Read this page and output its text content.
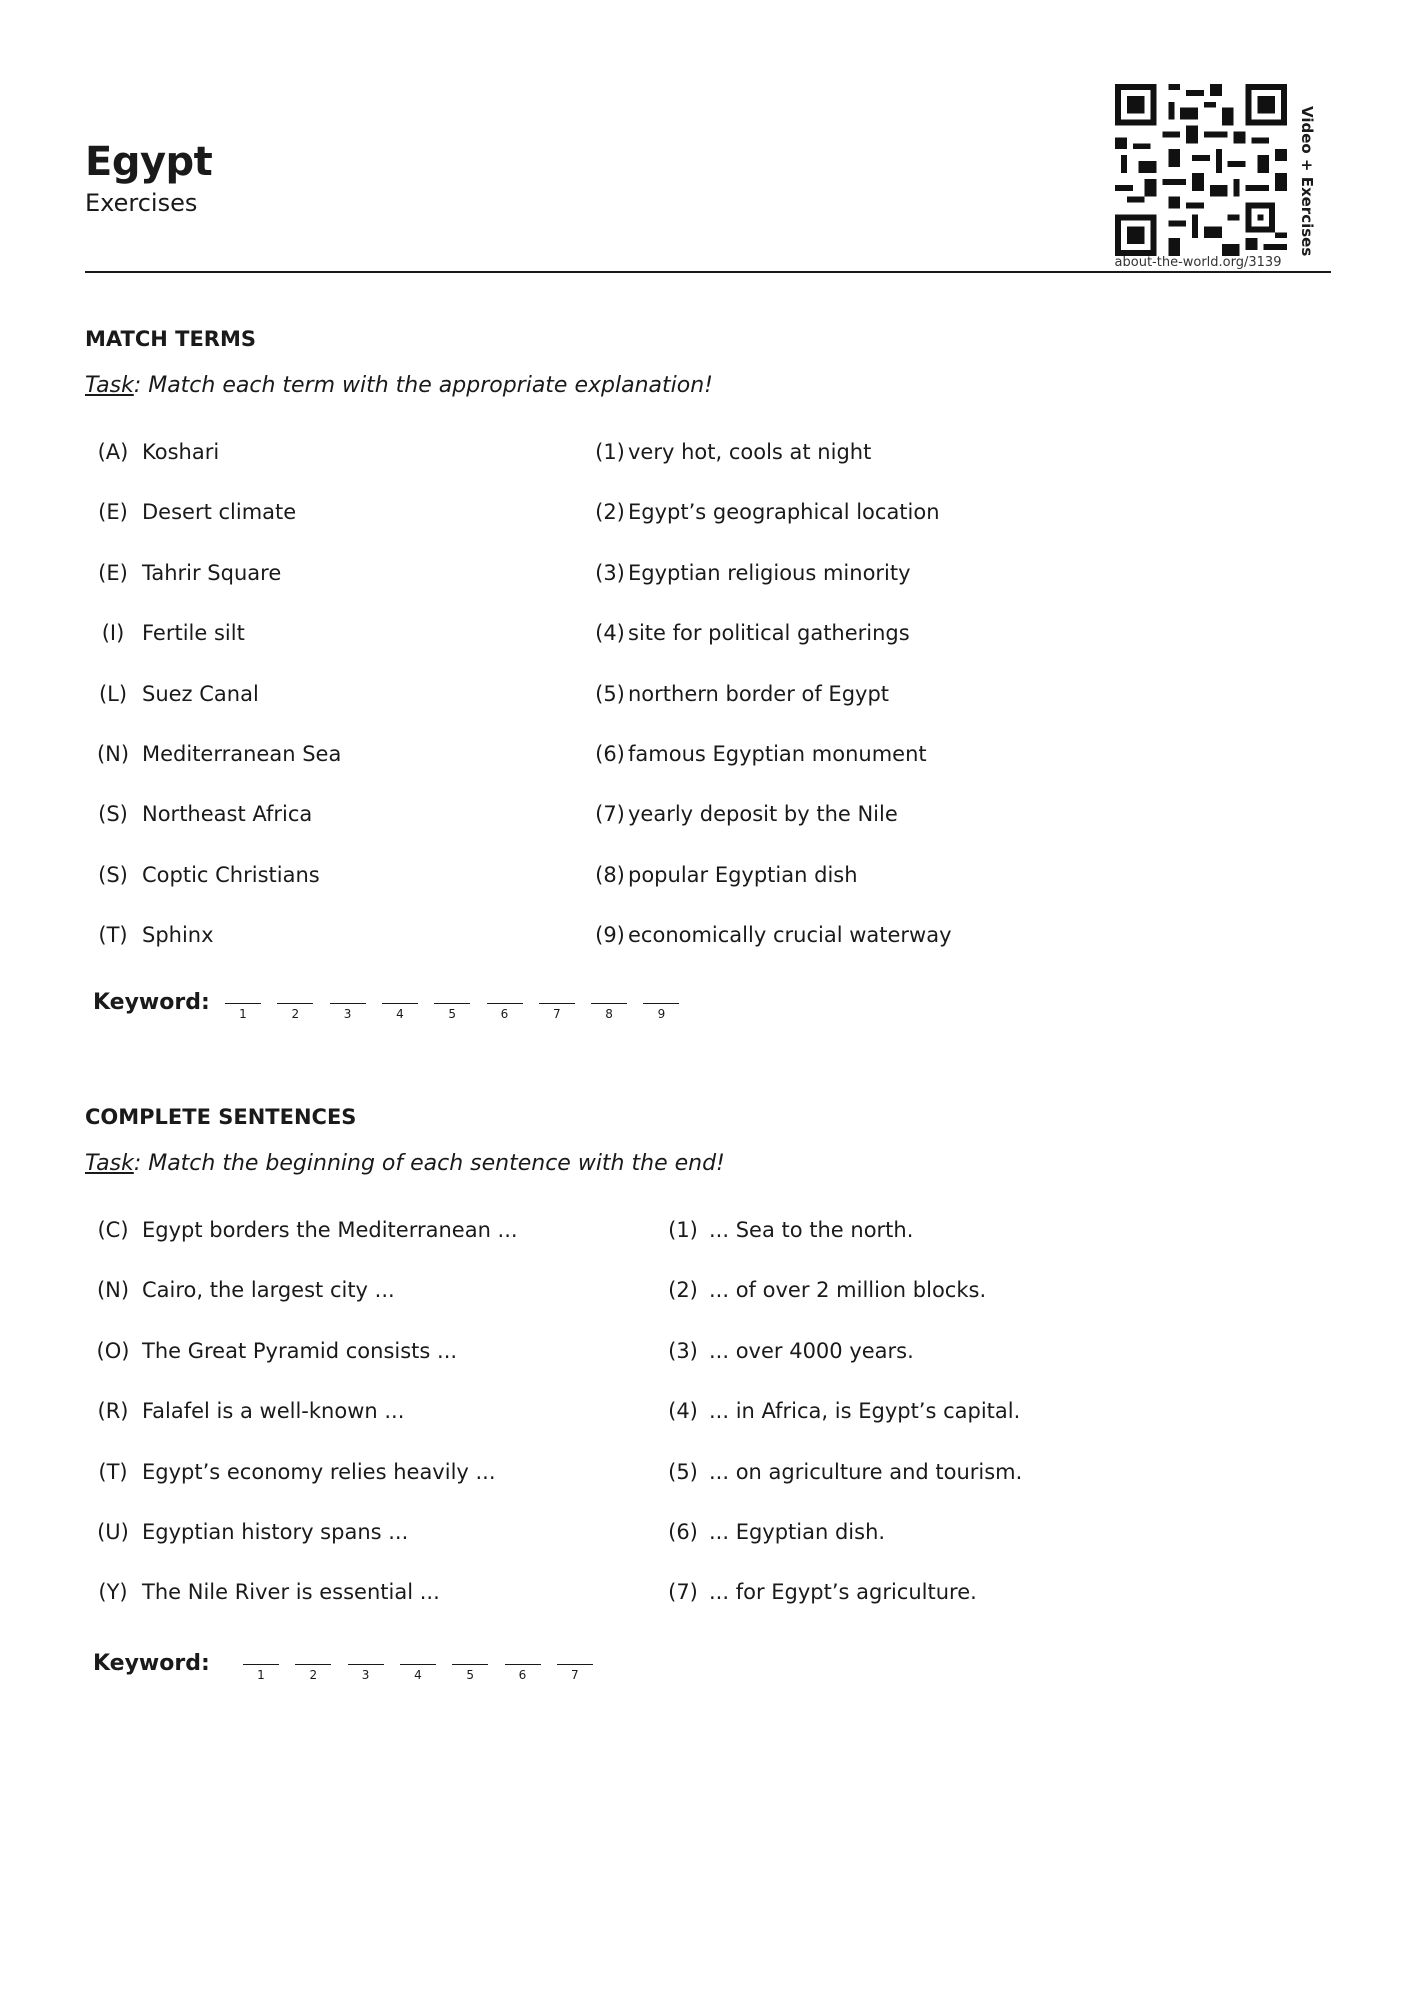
Egypt
Exercises
about-the-world.org/3139
Video + Exercises
MATCH TERMS
Task: Match each term with the appropriate explanation!
(A) Koshari	(1) very hot, cools at night
(E) Desert climate	(2) Egypt’s geographical location
(E) Tahrir Square	(3) Egyptian religious minority
(I) Fertile silt	(4) site for political gatherings
(L) Suez Canal	(5) northern border of Egypt
(N) Mediterranean Sea	(6) famous Egyptian monument
(S) Northeast Africa	(7) yearly deposit by the Nile
(S) Coptic Christians	(8) popular Egyptian dish
(T) Sphinx	(9) economically crucial waterway
Keyword:	1	2	3	4	5	6	7	8	9
COMPLETE SENTENCES
Task: Match the beginning of each sentence with the end!
(C) Egypt borders the Mediterranean ...	(1) ... Sea to the north.
(N) Cairo, the largest city ...	(2) ... of over 2 million blocks.
(O) The Great Pyramid consists ...	(3) ... over 4000 years.
(R) Falafel is a well-known ...	(4) ... in Africa, is Egypt’s capital.
(T) Egypt’s economy relies heavily ...	(5) ... on agriculture and tourism.
(U) Egyptian history spans ...	(6) ... Egyptian dish.
(Y) The Nile River is essential ...	(7) ... for Egypt’s agriculture.
Keyword:	1	2	3	4	5	6	7
